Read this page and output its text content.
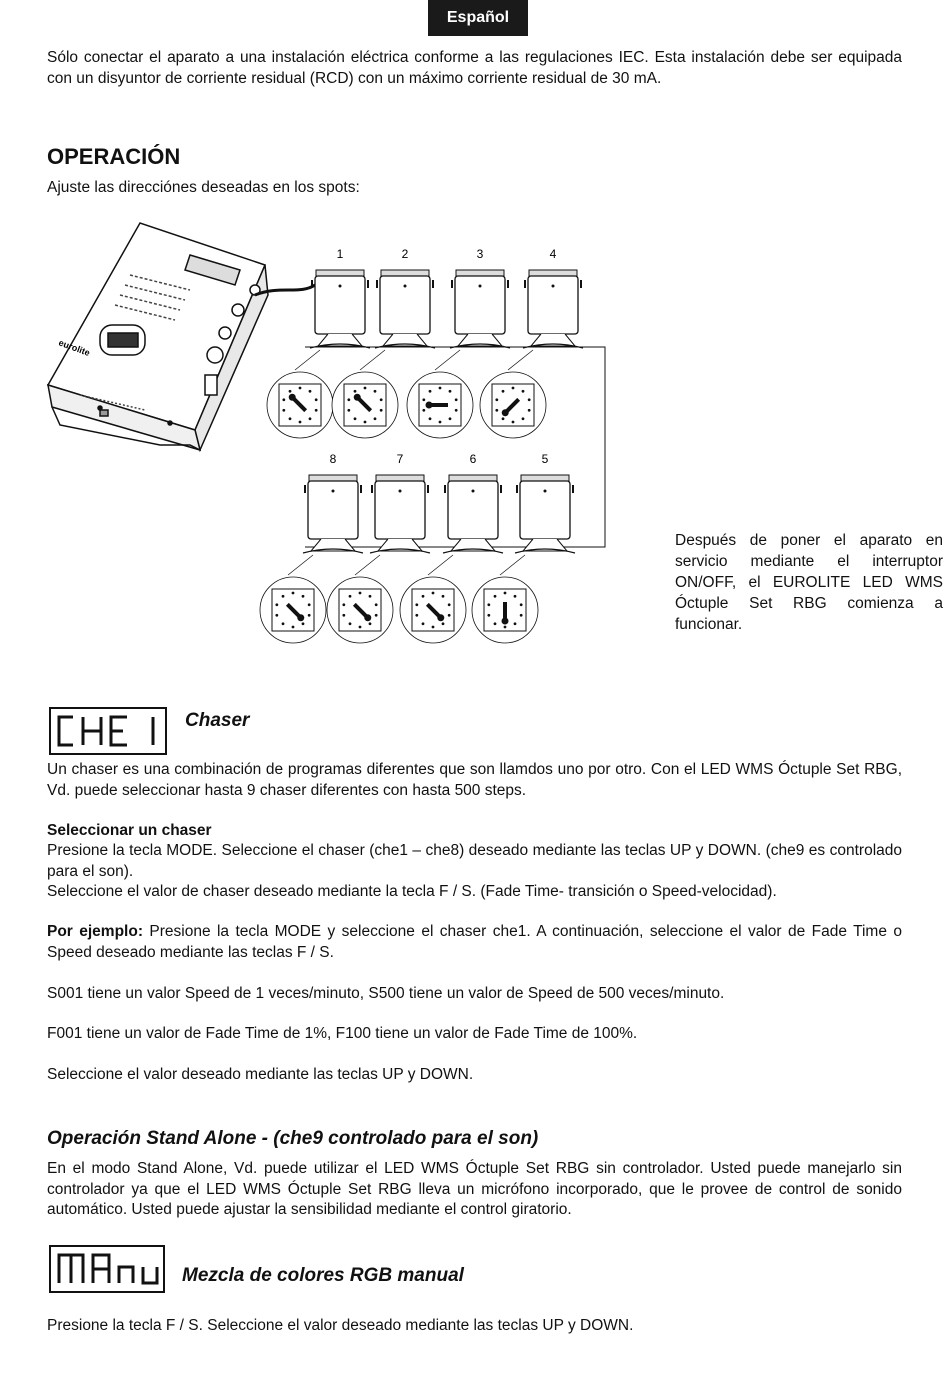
Español

Sólo conectar el aparato a una instalación eléctrica conforme a las regulaciones IEC. Esta instalación debe ser equipada con un disyuntor de corriente residual (RCD) con un máximo corriente residual de 30 mA.

OPERACIÓN

Ajuste las direcciónes deseadas en los spots:

eurolite
1	2	3	4
8	7	6	5

Después de poner el aparato en servicio mediante el interruptor ON/OFF, el EUROLITE LED WMS Óctuple Set RBG comienza a funcionar.

Chaser

Un chaser es una combinación de programas diferentes que son llamdos uno por otro. Con el LED WMS Óctuple Set RBG, Vd. puede seleccionar hasta 9 chaser diferentes con hasta 500 steps.

Seleccionar un chaser

Presione la tecla MODE. Seleccione el chaser (che1 – che8) deseado mediante las teclas UP y DOWN. (che9 es controlado para el son).

Seleccione el valor de chaser deseado mediante la tecla F / S. (Fade Time- transición o Speed-velocidad).

Por ejemplo: Presione la tecla MODE y seleccione el chaser che1. A continuación, seleccione el valor de Fade Time o Speed deseado mediante las teclas F / S.

S001 tiene un valor Speed de 1 veces/minuto, S500 tiene un valor de Speed de 500 veces/minuto.

F001 tiene un valor de Fade Time de 1%, F100 tiene un valor de Fade Time de 100%.

Seleccione el valor deseado mediante las teclas UP y DOWN.

Operación Stand Alone - (che9 controlado para el son)

En el modo Stand Alone, Vd. puede utilizar el LED WMS Óctuple Set RBG sin controlador. Usted puede manejarlo sin controlador ya que el LED WMS Óctuple Set RBG lleva un micrófono incorporado, que le provee de control de sonido automático. Usted puede ajustar la sensibilidad mediante el control giratorio.

Mezcla de colores RGB manual

Presione la tecla F / S. Seleccione el valor deseado mediante las teclas UP y DOWN.
